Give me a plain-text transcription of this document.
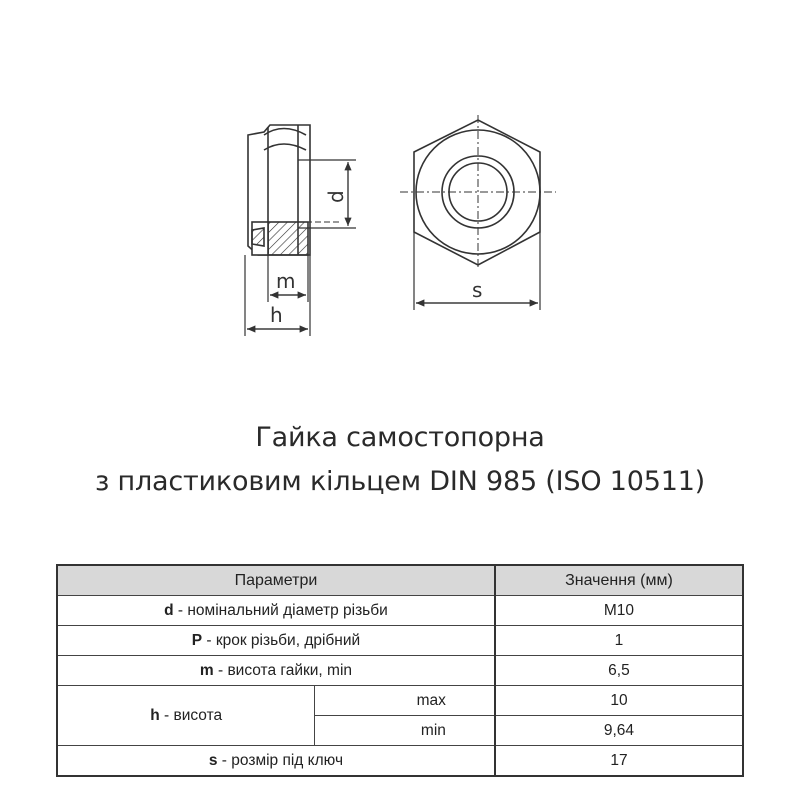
d
m
h
s
Гайка самостопорна
з пластиковим кільцем DIN 985 (ISO 10511)
Параметри		Значення (мм)
d - номінальний діаметр різьби		M10
P - крок різьби, дрібний		1
m - висота гайки, min		6,5
h - висота	max	10
	min	9,64
s - розмір під ключ		17
